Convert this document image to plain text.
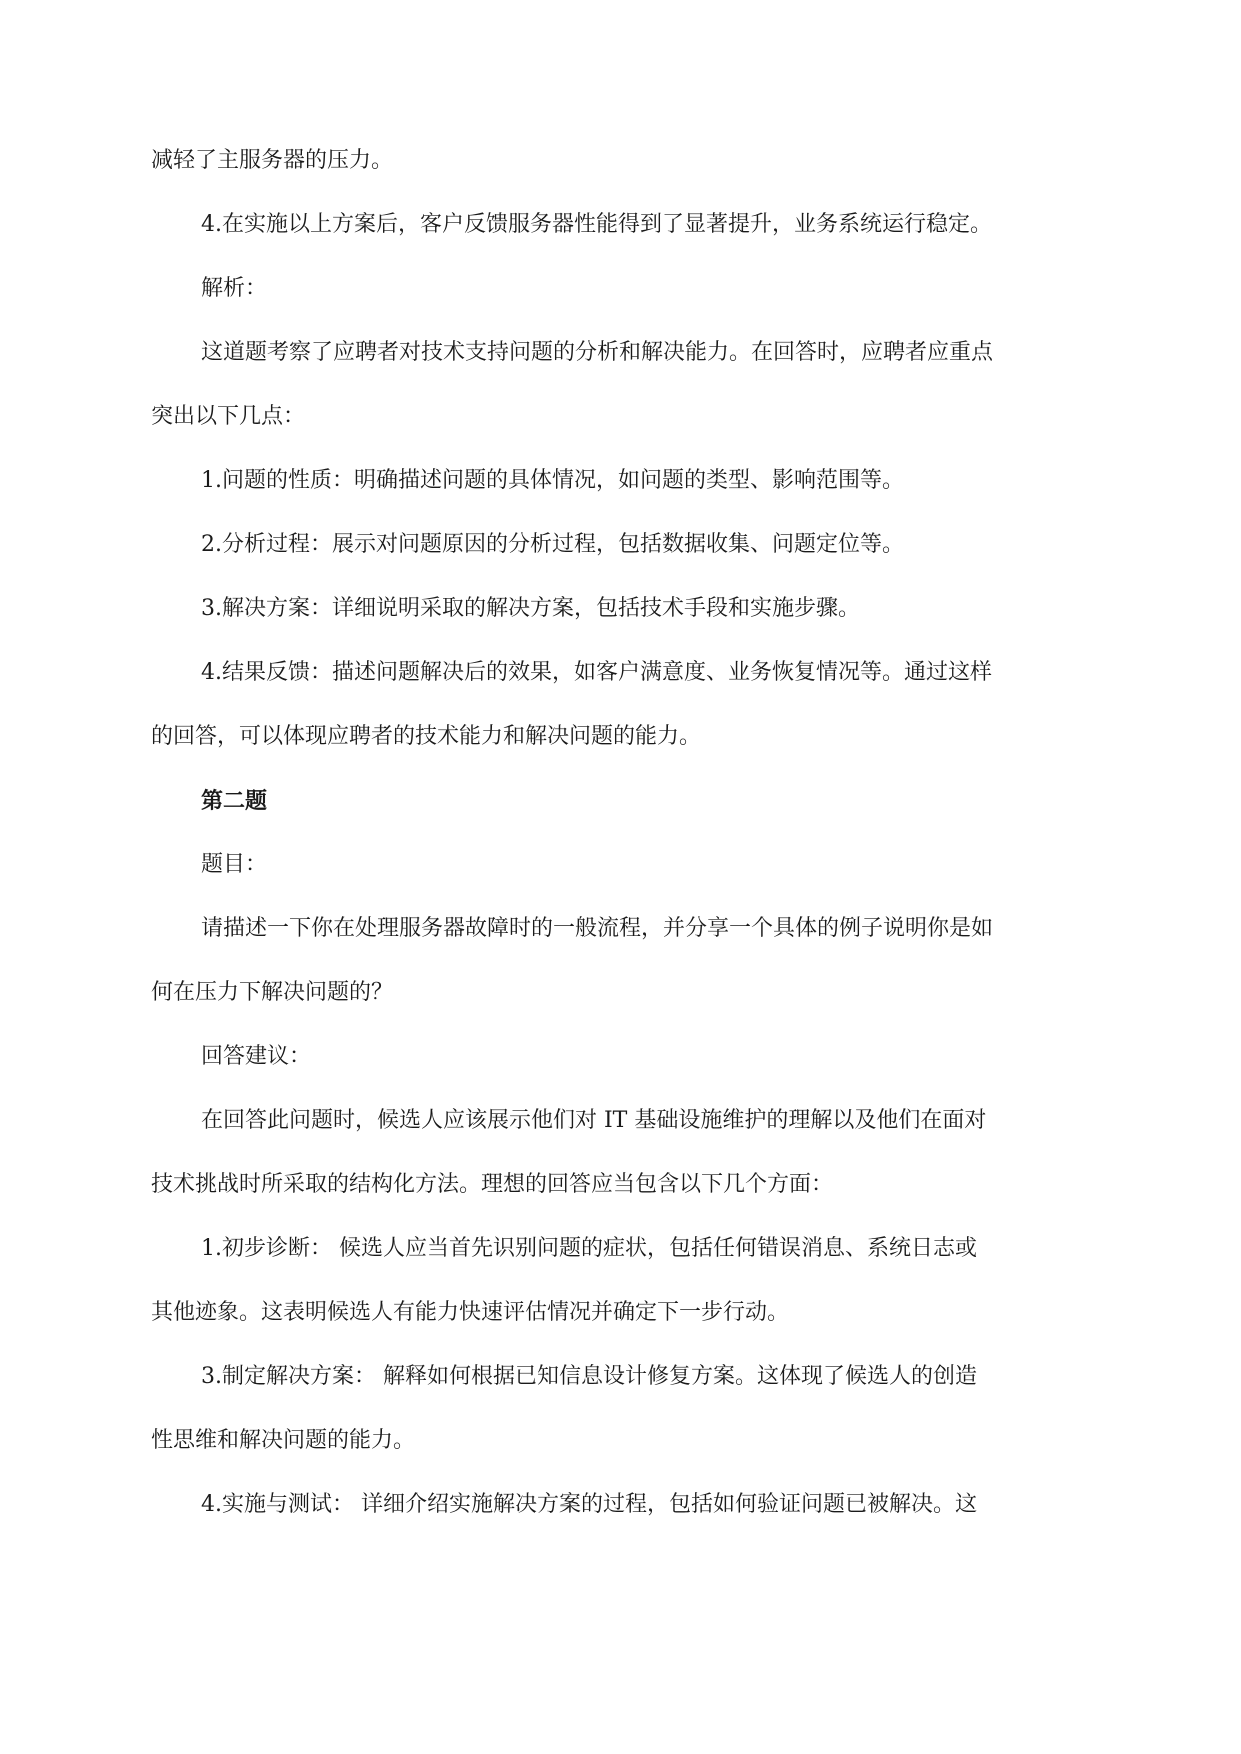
减轻了主服务器的压力。
4.在实施以上方案后，客户反馈服务器性能得到了显著提升，业务系统运行稳定。
解析：
这道题考察了应聘者对技术支持问题的分析和解决能力。在回答时，应聘者应重点
突出以下几点：
1.问题的性质：明确描述问题的具体情况，如问题的类型、影响范围等。
2.分析过程：展示对问题原因的分析过程，包括数据收集、问题定位等。
3.解决方案：详细说明采取的解决方案，包括技术手段和实施步骤。
4.结果反馈：描述问题解决后的效果，如客户满意度、业务恢复情况等。通过这样
的回答，可以体现应聘者的技术能力和解决问题的能力。
第二题
题目：
请描述一下你在处理服务器故障时的一般流程，并分享一个具体的例子说明你是如
何在压力下解决问题的？
回答建议：
在回答此问题时，候选人应该展示他们对 IT 基础设施维护的理解以及他们在面对
技术挑战时所采取的结构化方法。理想的回答应当包含以下几个方面：
1.初步诊断： 候选人应当首先识别问题的症状，包括任何错误消息、系统日志或
其他迹象。这表明候选人有能力快速评估情况并确定下一步行动。
3.制定解决方案： 解释如何根据已知信息设计修复方案。这体现了候选人的创造
性思维和解决问题的能力。
4.实施与测试： 详细介绍实施解决方案的过程，包括如何验证问题已被解决。这
